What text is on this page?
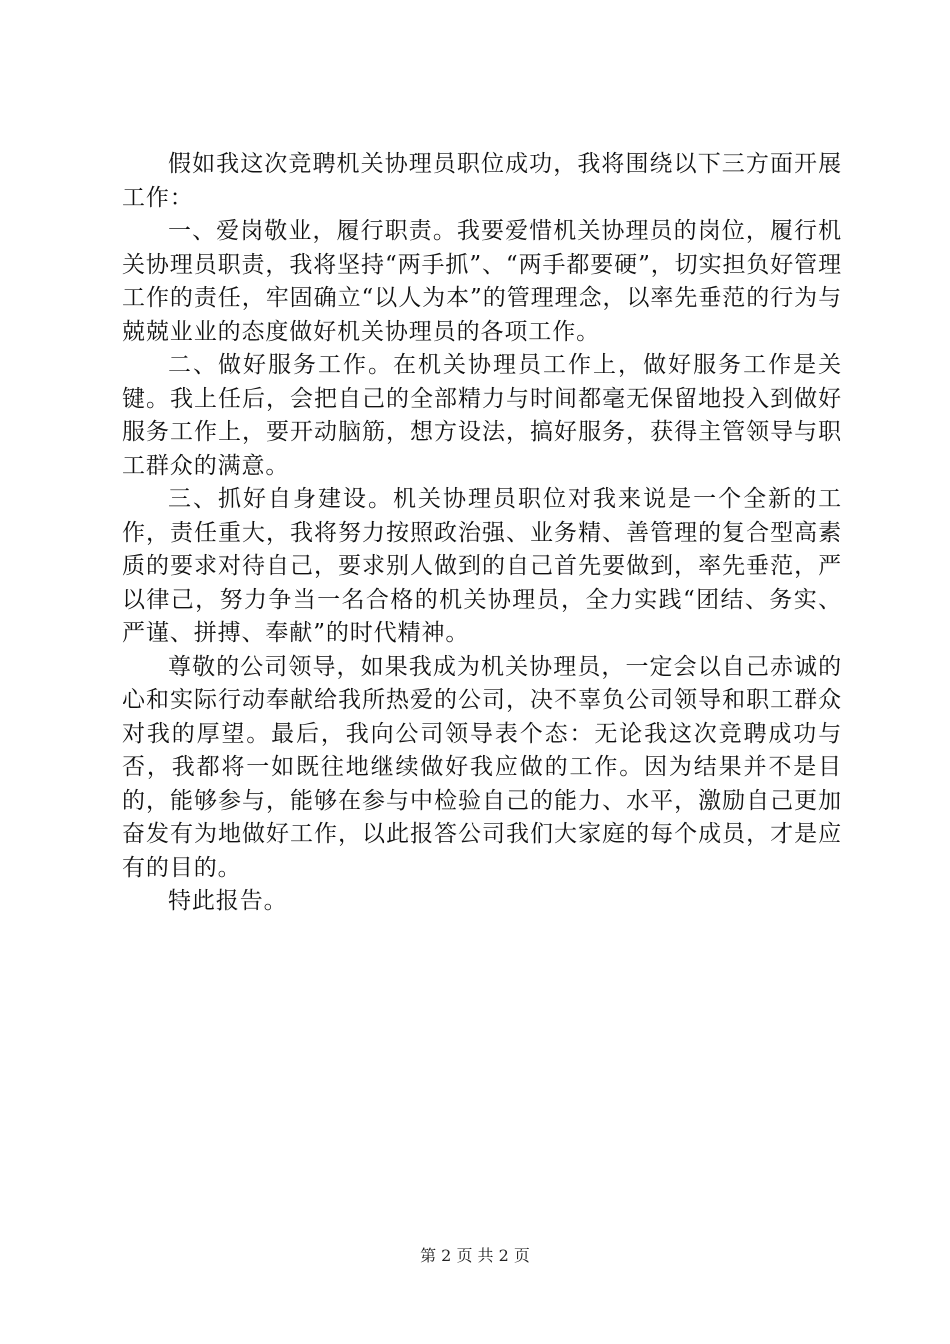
假如我这次竞聘机关协理员职位成功，我将围绕以下三方面开展工作：

一、爱岗敬业，履行职责。我要爱惜机关协理员的岗位，履行机关协理员职责，我将坚持“两手抓”、“两手都要硬”，切实担负好管理工作的责任，牢固确立“以人为本”的管理理念，以率先垂范的行为与兢兢业业的态度做好机关协理员的各项工作。

二、做好服务工作。在机关协理员工作上，做好服务工作是关键。我上任后，会把自己的全部精力与时间都毫无保留地投入到做好服务工作上，要开动脑筋，想方设法，搞好服务，获得主管领导与职工群众的满意。

三、抓好自身建设。机关协理员职位对我来说是一个全新的工作，责任重大，我将努力按照政治强、业务精、善管理的复合型高素质的要求对待自己，要求别人做到的自己首先要做到，率先垂范，严以律己，努力争当一名合格的机关协理员，全力实践“团结、务实、严谨、拼搏、奉献”的时代精神。

尊敬的公司领导，如果我成为机关协理员，一定会以自己赤诚的心和实际行动奉献给我所热爱的公司，决不辜负公司领导和职工群众对我的厚望。最后，我向公司领导表个态：无论我这次竞聘成功与否，我都将一如既往地继续做好我应做的工作。因为结果并不是目的，能够参与，能够在参与中检验自己的能力、水平，激励自己更加奋发有为地做好工作，以此报答公司我们大家庭的每个成员，才是应有的目的。

特此报告。

第 2 页 共 2 页
